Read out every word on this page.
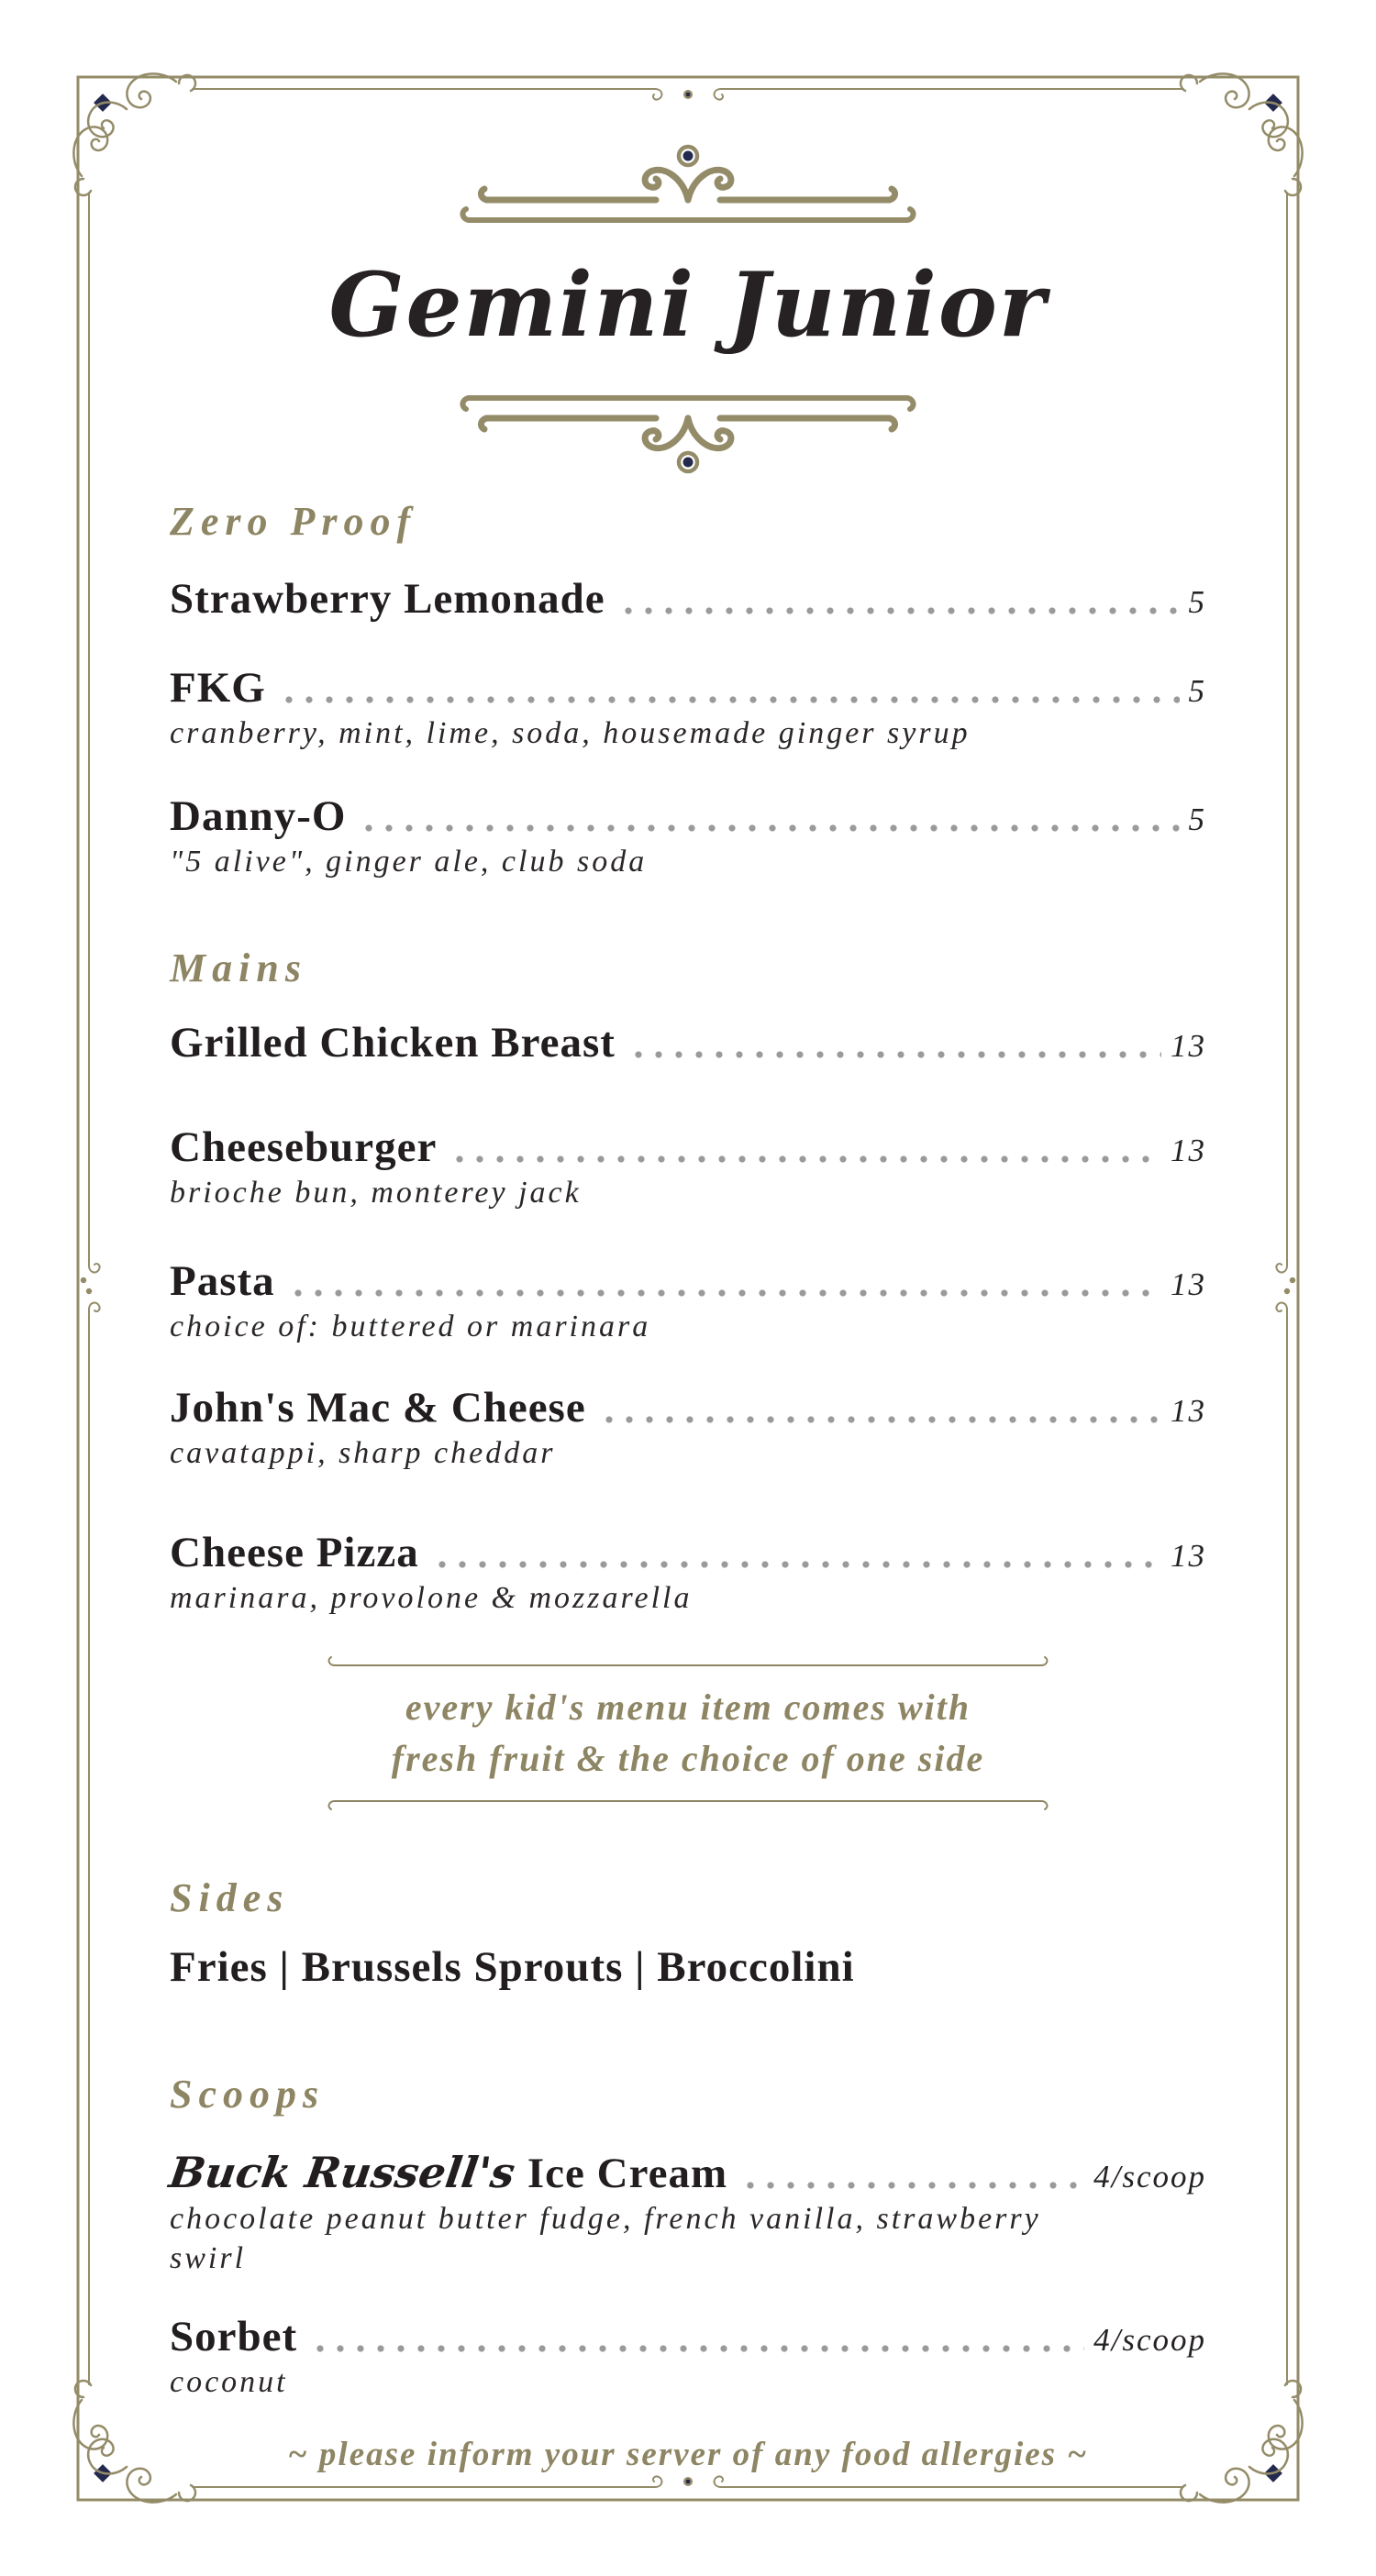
Gemini Junior
Zero Proof
Strawberry Lemonade	5
FKG	5
cranberry, mint, lime, soda, housemade ginger syrup
Danny-O	5
"5 alive", ginger ale, club soda
Mains
Grilled Chicken Breast	13
Cheeseburger	13
brioche bun, monterey jack
Pasta	13
choice of: buttered or marinara
John's Mac & Cheese	13
cavatappi, sharp cheddar
Cheese Pizza	13
marinara, provolone & mozzarella
every kid's menu item comes with fresh fruit & the choice of one side
Sides
Fries | Brussels Sprouts | Broccolini
Scoops
Buck Russell's Ice Cream	4/scoop
chocolate peanut butter fudge, french vanilla, strawberry swirl
Sorbet	4/scoop
coconut
~ please inform your server of any food allergies ~
